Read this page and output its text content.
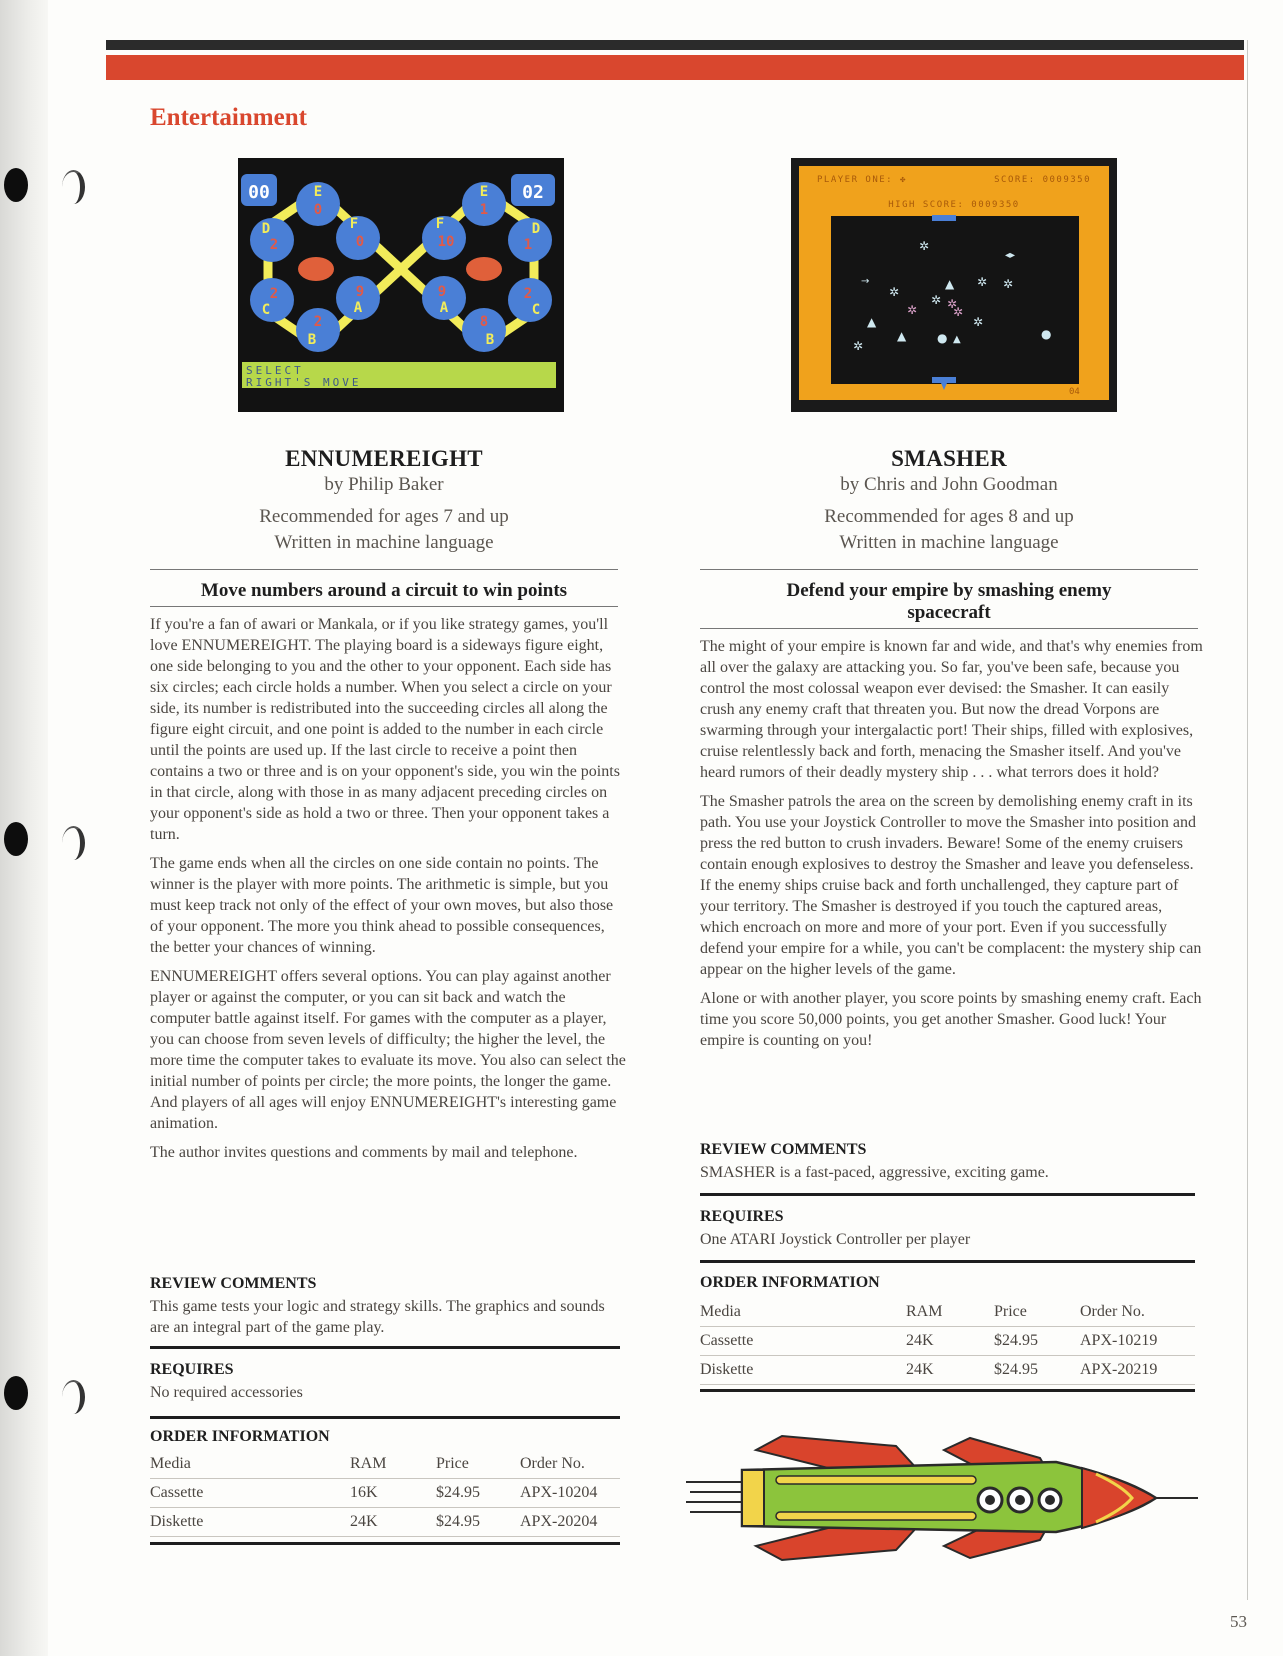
Entertainment
00	02
E
0
D
2
2
C
F
0
2
B
9
A
E
1
D
1
2
C
F
10
8
B
9
A
SELECT
RIGHT'S MOVE
PLAYER ONE: ✤	SCORE: 0009350
HIGH SCORE: 0009350
✲
◂▸
→	▲ ✲ ✲
✲
✲
▲	✲
▲	●
✲
●
▲
✲
✲	✲
04
ENNUMEREIGHT
by Philip Baker
Recommended for ages 7 and up
Written in machine language
Move numbers around a circuit to win points

If you're a fan of awari or Mankala, or if you like strategy games, you'll love ENNUMEREIGHT. The playing board is a sideways figure eight, one side belonging to you and the other to your opponent. Each side has six circles; each circle holds a number. When you select a circle on your side, its number is redistributed into the succeeding circles all along the figure eight circuit, and one point is added to the number in each circle until the points are used up. If the last circle to receive a point then contains a two or three and is on your opponent's side, you win the points in that circle, along with those in as many adjacent preceding circles on your opponent's side as hold a two or three. Then your opponent takes a turn.

The game ends when all the circles on one side contain no points. The winner is the player with more points. The arithmetic is simple, but you must keep track not only of the effect of your own moves, but also those of your opponent. The more you think ahead to possible consequences, the better your chances of winning.

ENNUMEREIGHT offers several options. You can play against another player or against the computer, or you can sit back and watch the computer battle against itself. For games with the computer as a player, you can choose from seven levels of difficulty; the higher the level, the more time the computer takes to evaluate its move. You also can select the initial number of points per circle; the more points, the longer the game. And players of all ages will enjoy ENNUMEREIGHT's interesting game animation.

The author invites questions and comments by mail and telephone.

REVIEW COMMENTS
This game tests your logic and strategy skills. The graphics and sounds are an integral part of the game play.
REQUIRES
No required accessories
ORDER INFORMATION
Media	RAM	Price	Order No.
Cassette	16K	$24.95	APX-10204
Diskette	24K	$24.95	APX-20204
SMASHER
by Chris and John Goodman
Recommended for ages 8 and up
Written in machine language
Defend your empire by smashing enemy
spacecraft

The might of your empire is known far and wide, and that's why enemies from all over the galaxy are attacking you. So far, you've been safe, because you control the most colossal weapon ever devised: the Smasher. It can easily crush any enemy craft that threaten you. But now the dread Vorpons are swarming through your intergalactic port! Their ships, filled with explosives, cruise relentlessly back and forth, menacing the Smasher itself. And you've heard rumors of their deadly mystery ship . . . what terrors does it hold?

The Smasher patrols the area on the screen by demolishing enemy craft in its path. You use your Joystick Controller to move the Smasher into position and press the red button to crush invaders. Beware! Some of the enemy cruisers contain enough explosives to destroy the Smasher and leave you defenseless. If the enemy ships cruise back and forth unchallenged, they capture part of your territory. The Smasher is destroyed if you touch the captured areas, which encroach on more and more of your port. Even if you successfully defend your empire for a while, you can't be complacent: the mystery ship can appear on the higher levels of the game.

Alone or with another player, you score points by smashing enemy craft. Each time you score 50,000 points, you get another Smasher. Good luck! Your empire is counting on you!

REVIEW COMMENTS
SMASHER is a fast-paced, aggressive, exciting game.
REQUIRES
One ATARI Joystick Controller per player
ORDER INFORMATION
Media	RAM	Price	Order No.
Cassette	24K	$24.95	APX-10219
Diskette	24K	$24.95	APX-20219
53
